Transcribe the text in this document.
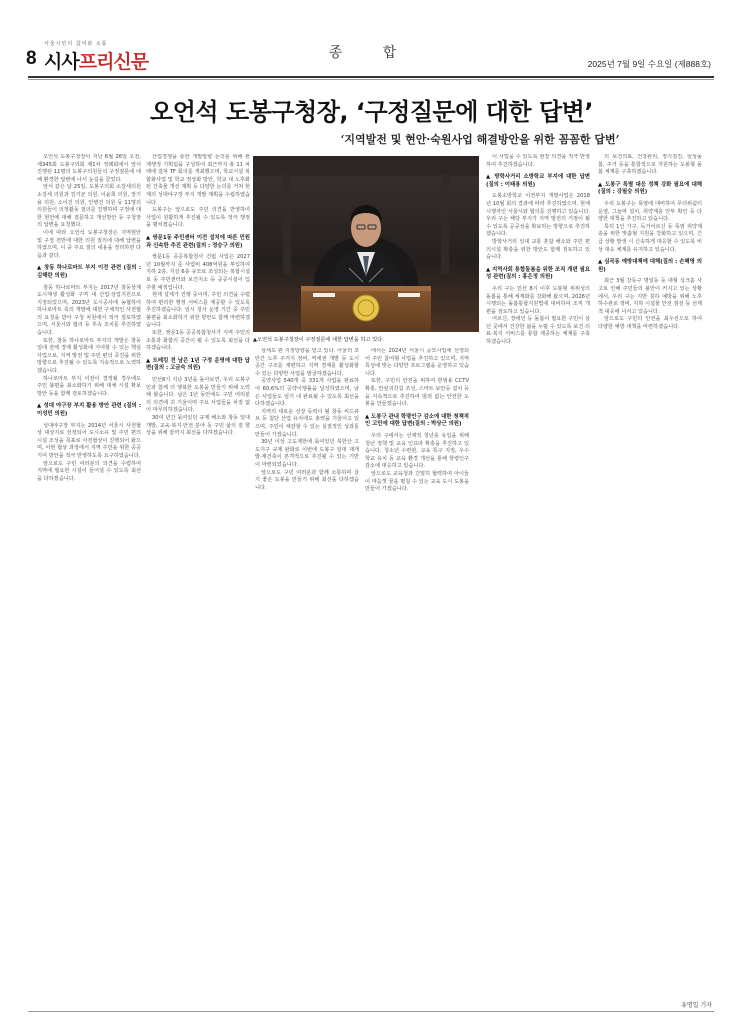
8
서울시민의 참여와 소통
시사프리신문	종 합
2025년 7월 9일 수요일 (제888호)
오언석 도봉구청장, ‘구정질문에 대한 답변’
‘지역발전 및 현안·숙원사업 해결방안을 위한 꼼꼼한 답변’

오언석 도봉구청장이 지난 6월 26일 오전, 제345회 도봉구의회 제1차 정례회에서 앞서 진행된 11명의 도봉구의원들의 구정질문에 대해 환경한 답변에 나서 눈길을 끌었다.

앞서 같은 달 25일, 도봉구의회 소강세의원 소강세 의원과 김기균 의원, 이윤희 의원, 장기용 의원, 소이진 의원, 안병건 의원 등 11명의 의원들이 의정활동 질의를 진행하며 구정에 대한 현안에 대해 질문하고 개선방안 등 구청장의 답변을 요청했다.

이에 따라 오언석 도봉구청장은 지역현안 및 구정 전반에 대한 의원 질의에 대해 답변을 하였으며, 이 중 주요 질의 내용을 정리하면 다음과 같다.

▲ 창동 하나로마트 부지 이전 관련 (질의 : 김해란 의원)

창동 하나로마트 부지는 2017년 창동상계 도시재생 활성화 구역 내 산업·상업지원으로 지정되었으며, 2023년 도시공사에 농협하여 하나로마트 측의 개발에 대한 구체적인 사전협의 요청을 받아 구청 차원에서 적극 검토하였으며, 서울시와 협의 등 후속 조치를 추진하였습니다.

또한, 창동 하나로마트 부지의 개발은 창동 일대 전체 경제 활성화에 기여할 수 있는 핵심 사업으로, 지역 발전 및 주민 편의 증진을 위한 방향으로 추진될 수 있도록 지속적으로 노력하겠습니다.

하나로마트 부지 이전이 결정될 경우에도 주민 불편을 최소화하기 위해 대체 시설 확보 방안 등을 함께 검토하겠습니다.

▲ 성대 야구장 부지 활용 방안 관련 (질의 : 이성민 의원)

성대야구장 부지는 2014년 서울시 사전협상 대상지로 선정되어 도시소유 및 주민 편의시설 조성을 목표로 사전협상이 진행되어 왔으며, 이번 협상 과정에서 지역 주민을 위한 공공기여 방안을 적극 반영하도록 요구하였습니다.

앞으로도 구민 여러분의 의견을 수렴하여 지역에 필요한 시설이 들어설 수 있도록 최선을 다하겠습니다.

산업경쟁을 통한 개발방향 논의를 위해 관계행정 기획팀을 구성하여 최근까지 총 11 차례에 걸쳐 TF 회의를 개최했으며, 학교시설 복합화사업 및 학교 정상화 방안, 학교 내 노후화된 건축물 개선 계획 등 다양한 논의를 거쳐 현재의 성대야구장 부지 개발 계획을 수립하였습니다.

도봉구는 앞으로도 주민 의견을 반영하여 사업이 원활하게 추진될 수 있도록 적극 행정을 펼치겠습니다.

▲ 쌍문1동 주민센터 이전 설치에 따른 민원과 신속한 추진 관련(질의 : 정승구 의원)

쌍문1동 공공복합청사 건립 사업은 2027년 10월까지 준 사업비 408억원을 투입하여 지하 2층, 지상 6층 규모로 조성되는 복합시설로 동 주민센터와 보건지소 등 공공시설이 입주할 예정입니다.

현재 설계가 진행 중이며, 주민 의견을 수렴하여 편리한 행정 서비스를 제공할 수 있도록 추진하겠습니다. 임시 청사 운영 기간 중 주민 불편을 최소화하기 위한 방안도 함께 마련하겠습니다.

또한, 쌍문1동 공공복합청사가 지역 주민의 소통과 화합의 공간이 될 수 있도록 최선을 다하겠습니다.

▲ 트레킹 전 남은 1년 구정 운영에 대한 답변(질의 : 고금숙 의원)

민선8기 지난 3년을 돌아보면, 우리 도봉구민과 함께 더 행복한 도봉을 만들기 위해 노력해 왔습니다. 남은 1년 동안에도 구민 여러분의 의견에 귀 기울이며 주요 사업들을 차질 없이 마무리하겠습니다.

30여 년간 묶여있던 규제 해소와 창동 일대 개발, 교육·복지·안전 분야 등 구민 삶의 질 향상을 위해 끝까지 최선을 다하겠습니다.

▲오언석 도봉구청장이 구정질문에 대한 답변을 하고 있다.

상세도 관 지정방향을 얻고 있다. 아울러 조만간 노후 주거지 정비, 역세권 개발 등 도시 공간 구조를 재편하고 지역 경제를 활성화할 수 있는 다양한 사업을 발굴하겠습니다.

공약사업 540개 중 331개 사업을 완료하여 60.6%의 공약이행률을 달성하였으며, 남은 사업들도 임기 내 완료될 수 있도록 최선을 다하겠습니다.

지역의 새로운 성장 동력이 될 창동 씨드큐브 등 첨단 산업 유치에도 총력을 기울이고 있으며, 주민이 체감할 수 있는 실질적인 성과를 만들어 가겠습니다.

30년 이상 고도제한에 묶여있던 북한산 고도지구 규제 완화로 이번에 도봉구 일대 재개발·재건축이 본격적으로 추진될 수 있는 기반이 마련되었습니다.

앞으로도 구민 여러분과 함께 소통하며 살기 좋은 도봉을 만들기 위해 최선을 다하겠습니다.

에서는 2024년 서울시 공모사업에 선정되어 주민 참여형 사업을 추진하고 있으며, 지역 특성에 맞는 다양한 프로그램을 운영하고 있습니다.

또한, 구민의 안전을 위하여 방범용 CCTV 확충, 안심귀갓길 조성, 스마트 보안등 설치 등을 지속적으로 추진하여 범죄 없는 안전한 도봉을 만들겠습니다.

▲ 도봉구 관내 학령인구 감소에 대한 청책적인 고민에 대한 답변(질의 : 박상근 의원)

우리 구에서는 선제적 청년층 유입을 위해 청년 정책 및 교육 인프라 확충을 추진하고 있습니다. 청소년 수련관, 교육 특구 지정, 우수 학교 유치 등 교육 환경 개선을 통해 학령인구 감소에 대응하고 있습니다.

앞으로도 교육청과 긴밀히 협력하여 아이들이 마음껏 꿈을 펼칠 수 있는 교육 도시 도봉을 만들어 가겠습니다.

이 사업을 수 있도록 현장 의견을 적극 반영하여 추진하겠습니다.

▲ 방학사거리 소방학교 부지에 대한 답변(질의 : 이태용 의원)

도봉소방학교 이전부지 개발사업은 2018년 10월 회의 결과에 따라 추진하였으며, 현재 시행자인 서울시와 협의를 진행하고 있습니다. 우리 구는 해당 부지가 지역 발전의 거점이 될 수 있도록 공공성을 확보하는 방향으로 추진하겠습니다.

방학사거리 일대 교통 혼잡 해소와 주민 편의시설 확충을 위한 방안도 함께 검토하고 있습니다.

▲ 지역사회 통합돌봄을 위한 조직 개편 필요성 관련(질의 : 홍은정 의원)

우리 구는 민선 8기 이후 도봉형 위위성의 돌봄을 통해 체계화를 강화해 왔으며, 2026년 시행되는 돌봄통합지원법에 대비하여 조직 개편을 검토하고 있습니다.

어르신, 장애인 등 돌봄이 필요한 구민이 살던 곳에서 건강한 삶을 누릴 수 있도록 보건·의료·복지 서비스를 통합 제공하는 체계를 구축하겠습니다.

의 보건의료, 건강관리, 정기검진, 일상돌봄, 주거 등을 통합적으로 지원하는 도봉형 돌봄 체계를 구축하겠습니다.

▲ 도봉구 특별 대응 정책 강화 필요에 대해(질의 : 강필승 의원)

우리 도봉구는 폭염에 대비하여 무더위쉼터 운영, 그늘막 설치, 취약계층 안부 확인 등 다양한 대책을 추진하고 있습니다.

특히 1인 가구, 독거어르신 등 폭염 취약계층을 위한 맞춤형 지원을 강화하고 있으며, 긴급 상황 발생 시 신속하게 대응할 수 있도록 비상 대응 체계를 유지하고 있습니다.

▲ 심곡동 예방대책에 대해(질의 : 손혜영 의원)

최근 3월 강동구 명일동 등 대형 싱크홀 사고로 인해 주민들의 불안이 커지고 있는 상황에서, 우리 구는 지반 침하 예방을 위해 노후 하수관로 정비, 지하 시설물 안전 점검 등 선제적 대응에 나서고 있습니다.

앞으로도 구민의 안전을 최우선으로 하여 다양한 예방 대책을 마련하겠습니다.

유명일 기자
